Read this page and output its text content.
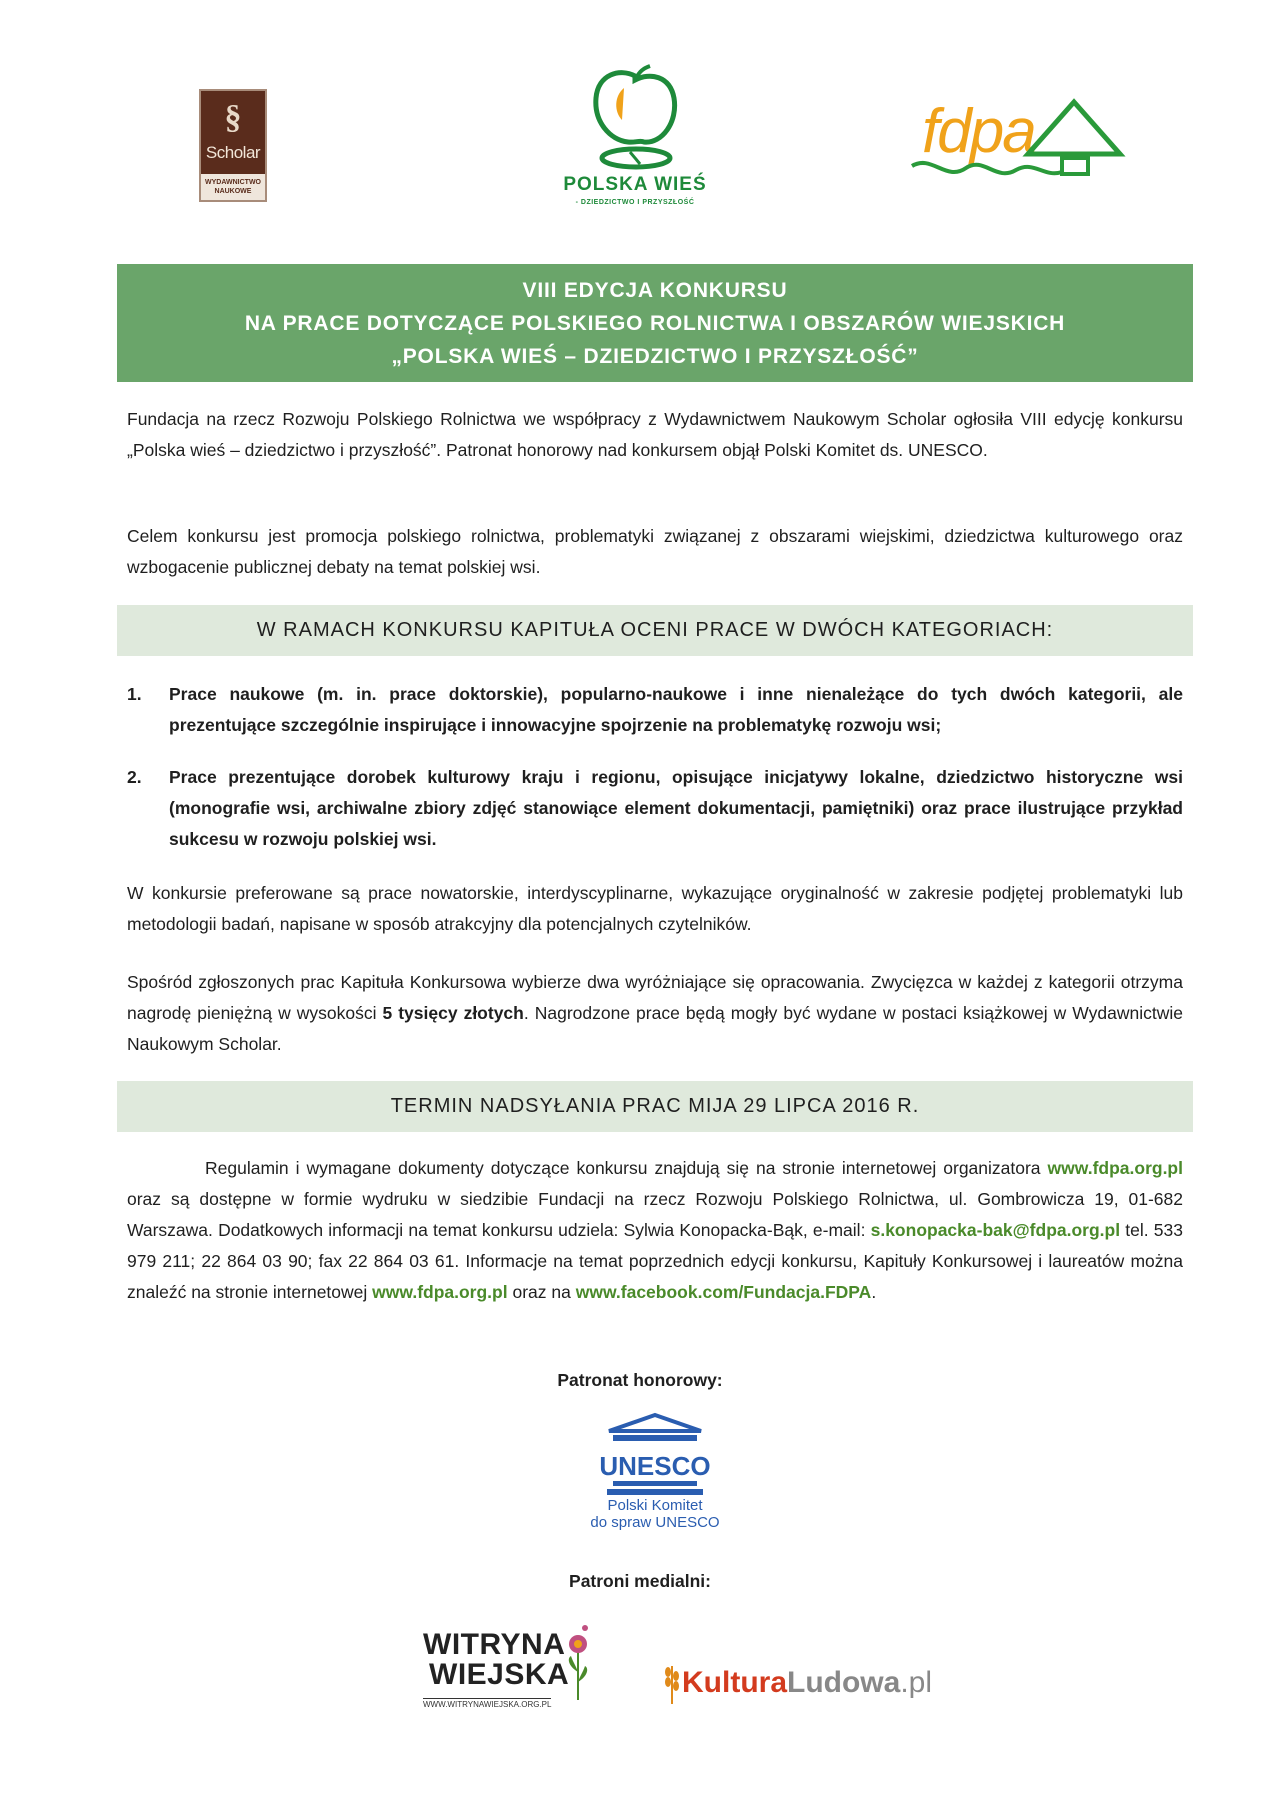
§
Scholar
WYDAWNICTWO NAUKOWE	POLSKA WIEŚ
- DZIEDZICTWO I PRZYSZŁOŚĆ
fdpa
VIII EDYCJA KONKURSU
NA PRACE DOTYCZĄCE POLSKIEGO ROLNICTWA I OBSZARÓW WIEJSKICH
„POLSKA WIEŚ – DZIEDZICTWO I PRZYSZŁOŚĆ”
Fundacja na rzecz Rozwoju Polskiego Rolnictwa we współpracy z Wydawnictwem Naukowym Scholar ogłosiła VIII edycję konkursu „Polska wieś – dziedzictwo i przyszłość”. Patronat honorowy nad konkursem objął Polski Komitet ds. UNESCO.
Celem konkursu jest promocja polskiego rolnictwa, problematyki związanej z obszarami wiejskimi, dziedzictwa kulturowego oraz wzbogacenie publicznej debaty na temat polskiej wsi.
W RAMACH KONKURSU KAPITUŁA OCENI PRACE W DWÓCH KATEGORIACH:
1. Prace naukowe (m. in. prace doktorskie), popularno-naukowe i inne nienależące do tych dwóch kategorii, ale prezentujące szczególnie inspirujące i innowacyjne spojrzenie na problematykę rozwoju wsi;
2. Prace prezentujące dorobek kulturowy kraju i regionu, opisujące inicjatywy lokalne, dziedzictwo historyczne wsi (monografie wsi, archiwalne zbiory zdjęć stanowiące element dokumentacji, pamiętniki) oraz prace ilustrujące przykład sukcesu w rozwoju polskiej wsi.
W konkursie preferowane są prace nowatorskie, interdyscyplinarne, wykazujące oryginalność w zakresie podjętej problematyki lub metodologii badań, napisane w sposób atrakcyjny dla potencjalnych czytelników.
Spośród zgłoszonych prac Kapituła Konkursowa wybierze dwa wyróżniające się opracowania. Zwycięzca w każdej z kategorii otrzyma nagrodę pieniężną w wysokości 5 tysięcy złotych. Nagrodzone prace będą mogły być wydane w postaci książkowej w Wydawnictwie Naukowym Scholar.
TERMIN NADSYŁANIA PRAC MIJA 29 LIPCA 2016 R.
Regulamin i wymagane dokumenty dotyczące konkursu znajdują się na stronie internetowej organizatora www.fdpa.org.pl oraz są dostępne w formie wydruku w siedzibie Fundacji na rzecz Rozwoju Polskiego Rolnictwa, ul. Gombrowicza 19, 01-682 Warszawa. Dodatkowych informacji na temat konkursu udziela: Sylwia Konopacka-Bąk, e-mail: s.konopacka-bak@fdpa.org.pl tel. 533 979 211; 22 864 03 90; fax 22 864 03 61. Informacje na temat poprzednich edycji konkursu, Kapituły Konkursowej i laureatów można znaleźć na stronie internetowej www.fdpa.org.pl oraz na www.facebook.com/Fundacja.FDPA.
Patronat honorowy:
UNESCO
Polski Komitet
do spraw UNESCO
Patroni medialni:
WITRYNA
WIEJSKA
WWW.WITRYNAWIEJSKA.ORG.PL
KulturaLudowa.pl
